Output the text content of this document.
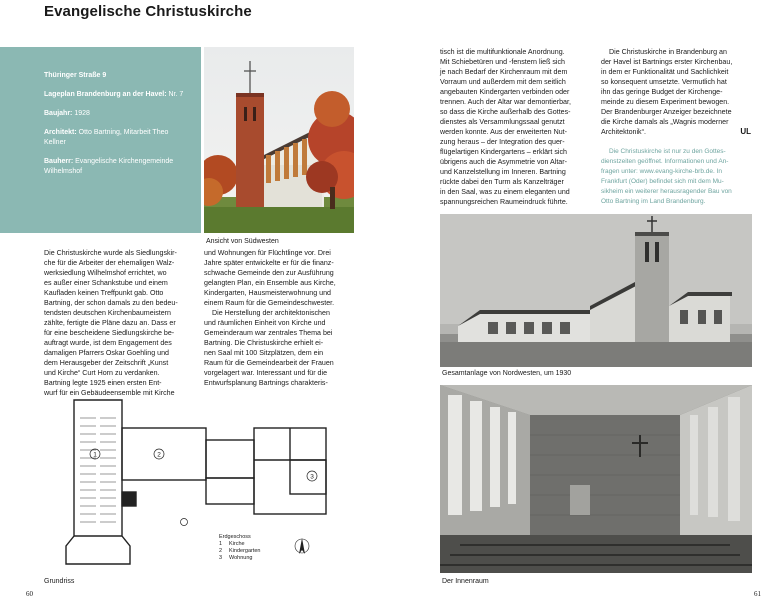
Evangelische Christuskirche

Thüringer Straße 9

Lageplan Brandenburg an der Havel: Nr. 7

Baujahr: 1928

Architekt: Otto Bartning, Mitarbeit Theo Kellner

Bauherr: Evangelische Kirchengemeinde Wilhelmshof

Ansicht von Südwesten

Die Christuskirche wurde als Siedlungskir-

che für die Arbeiter der ehemaligen Walz-

werksiedlung Wilhelmshof errichtet, wo

es außer einer Schankstube und einem

Kaufladen keinen Treffpunkt gab. Otto

Bartning, der schon damals zu den bedeu-

tendsten deutschen Kirchenbaumeistern

zählte, fertigte die Pläne dazu an. Dass er

für eine bescheidene Siedlungskirche be-

auftragt wurde, ist dem Engagement des

damaligen Pfarrers Oskar Goehling und

dem Herausgeber der Zeitschrift „Kunst

und Kirche“ Curt Horn zu verdanken.

Bartning legte 1925 einen ersten Ent-

wurf für ein Gebäudeensemble mit Kirche

und Wohnungen für Flüchtlinge vor. Drei

Jahre später entwickelte er für die finanz-

schwache Gemeinde den zur Ausführung

gelangten Plan, ein Ensemble aus Kirche,

Kindergarten, Hausmeisterwohnung und

einem Raum für die Gemeindeschwester.

Die Herstellung der architektonischen

und räumlichen Einheit von Kirche und

Gemeinderaum war zentrales Thema bei

Bartning. Die Christuskirche erhielt ei-

nen Saal mit 100 Sitzplätzen, dem ein

Raum für die Gemeindearbeit der Frauen

vorgelagert war. Interessant und für die

Entwurfsplanung Bartnings charakteris-

tisch ist die multifunktionale Anordnung.

Mit Schiebetüren und -fenstern ließ sich

je nach Bedarf der Kirchenraum mit dem

Vorraum und außerdem mit dem seitlich

angebauten Kindergarten verbinden oder

trennen. Auch der Altar war demontierbar,

so dass die Kirche außerhalb des Gottes-

dienstes als Versammlungssaal genutzt

werden konnte. Aus der erweiterten Nut-

zung heraus – der Integration des quer-

flügelartigen Kindergartens – erklärt sich

übrigens auch die Asymmetrie von Altar-

und Kanzelstellung im Inneren. Bartning

rückte dabei den Turm als Kanzelträger

in den Saal, was zu einem eleganten und

spannungsreichen Raumeindruck führte.

Die Christuskirche in Brandenburg an

der Havel ist Bartnings erster Kirchenbau,

in dem er Funktionalität und Sachlichkeit

so konsequent umsetzte. Vermutlich hat

ihn das geringe Budget der Kirchenge-

meinde zu diesem Experiment bewogen.

Der Brandenburger Anzeiger bezeichnete

die Kirche damals als „Wagnis moderner

Architektonik“.	UL

Die Christuskirche ist nur zu den Gottes-

dienstzeiten geöffnet. Informationen und An-

fragen unter: www.evang-kirche-brb.de. In

Frankfurt (Oder) befindet sich mit dem Mu-

sikheim ein weiterer herausragender Bau von

Otto Bartning im Land Brandenburg.

Gesamtanlage von Nordwesten, um 1930
1	2
3
Erdgeschoss
1 Kirche
2 Kindergarten
3 Wohnung
Grundriss	Der Innenraum
60	61
